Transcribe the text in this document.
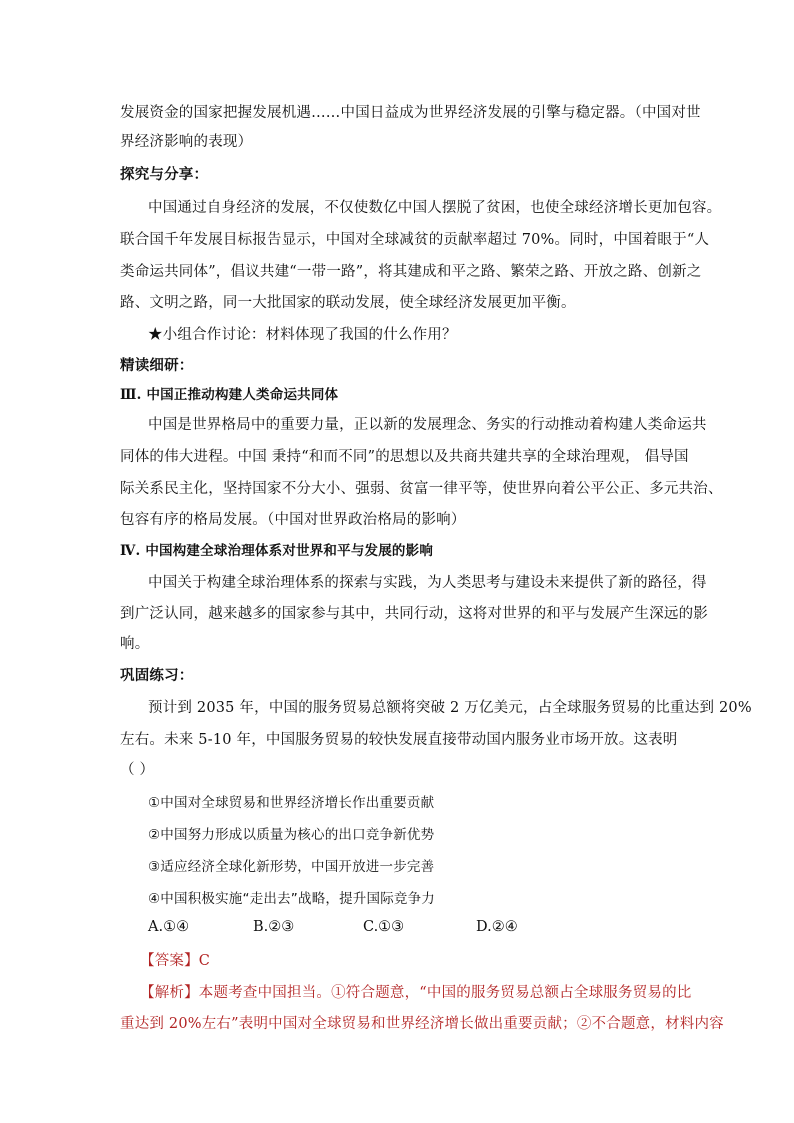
发展资金的国家把握发展机遇……中国日益成为世界经济发展的引擎与稳定器。（中国对世
界经济影响的表现）
探究与分享：
中国通过自身经济的发展，不仅使数亿中国人摆脱了贫困，也使全球经济增长更加包容。
联合国千年发展目标报告显示，中国对全球减贫的贡献率超过 70%。同时，中国着眼于“人
类命运共同体”，倡议共建“一带一路”，将其建成和平之路、繁荣之路、开放之路、创新之
路、文明之路，同一大批国家的联动发展，使全球经济发展更加平衡。
★小组合作讨论：材料体现了我国的什么作用？
精读细研：
Ⅲ. 中国正推动构建人类命运共同体
中国是世界格局中的重要力量，正以新的发展理念、务实的行动推动着构建人类命运共
同体的伟大进程。中国 秉持“和而不同”的思想以及共商共建共享的全球治理观， 倡导国
际关系民主化，坚持国家不分大小、强弱、贫富一律平等，使世界向着公平公正、多元共治、
包容有序的格局发展。（中国对世界政治格局的影响）
Ⅳ. 中国构建全球治理体系对世界和平与发展的影响
中国关于构建全球治理体系的探索与实践，为人类思考与建设未来提供了新的路径，得
到广泛认同，越来越多的国家参与其中，共同行动，这将对世界的和平与发展产生深远的影
响。
巩固练习：
预计到 2035 年，中国的服务贸易总额将突破 2 万亿美元，占全球服务贸易的比重达到 20%
左右。未来 5-10 年，中国服务贸易的较快发展直接带动国内服务业市场开放。这表明
（ ）
①中国对全球贸易和世界经济增长作出重要贡献
②中国努力形成以质量为核心的出口竞争新优势
③适应经济全球化新形势，中国开放进一步完善
④中国积极实施“走出去”战略，提升国际竞争力
A.①④	B.②③	C.①③	D.②④
【答案】C
【解析】本题考查中国担当。①符合题意，“中国的服务贸易总额占全球服务贸易的比
重达到 20%左右”表明中国对全球贸易和世界经济增长做出重要贡献；②不合题意，材料内容
